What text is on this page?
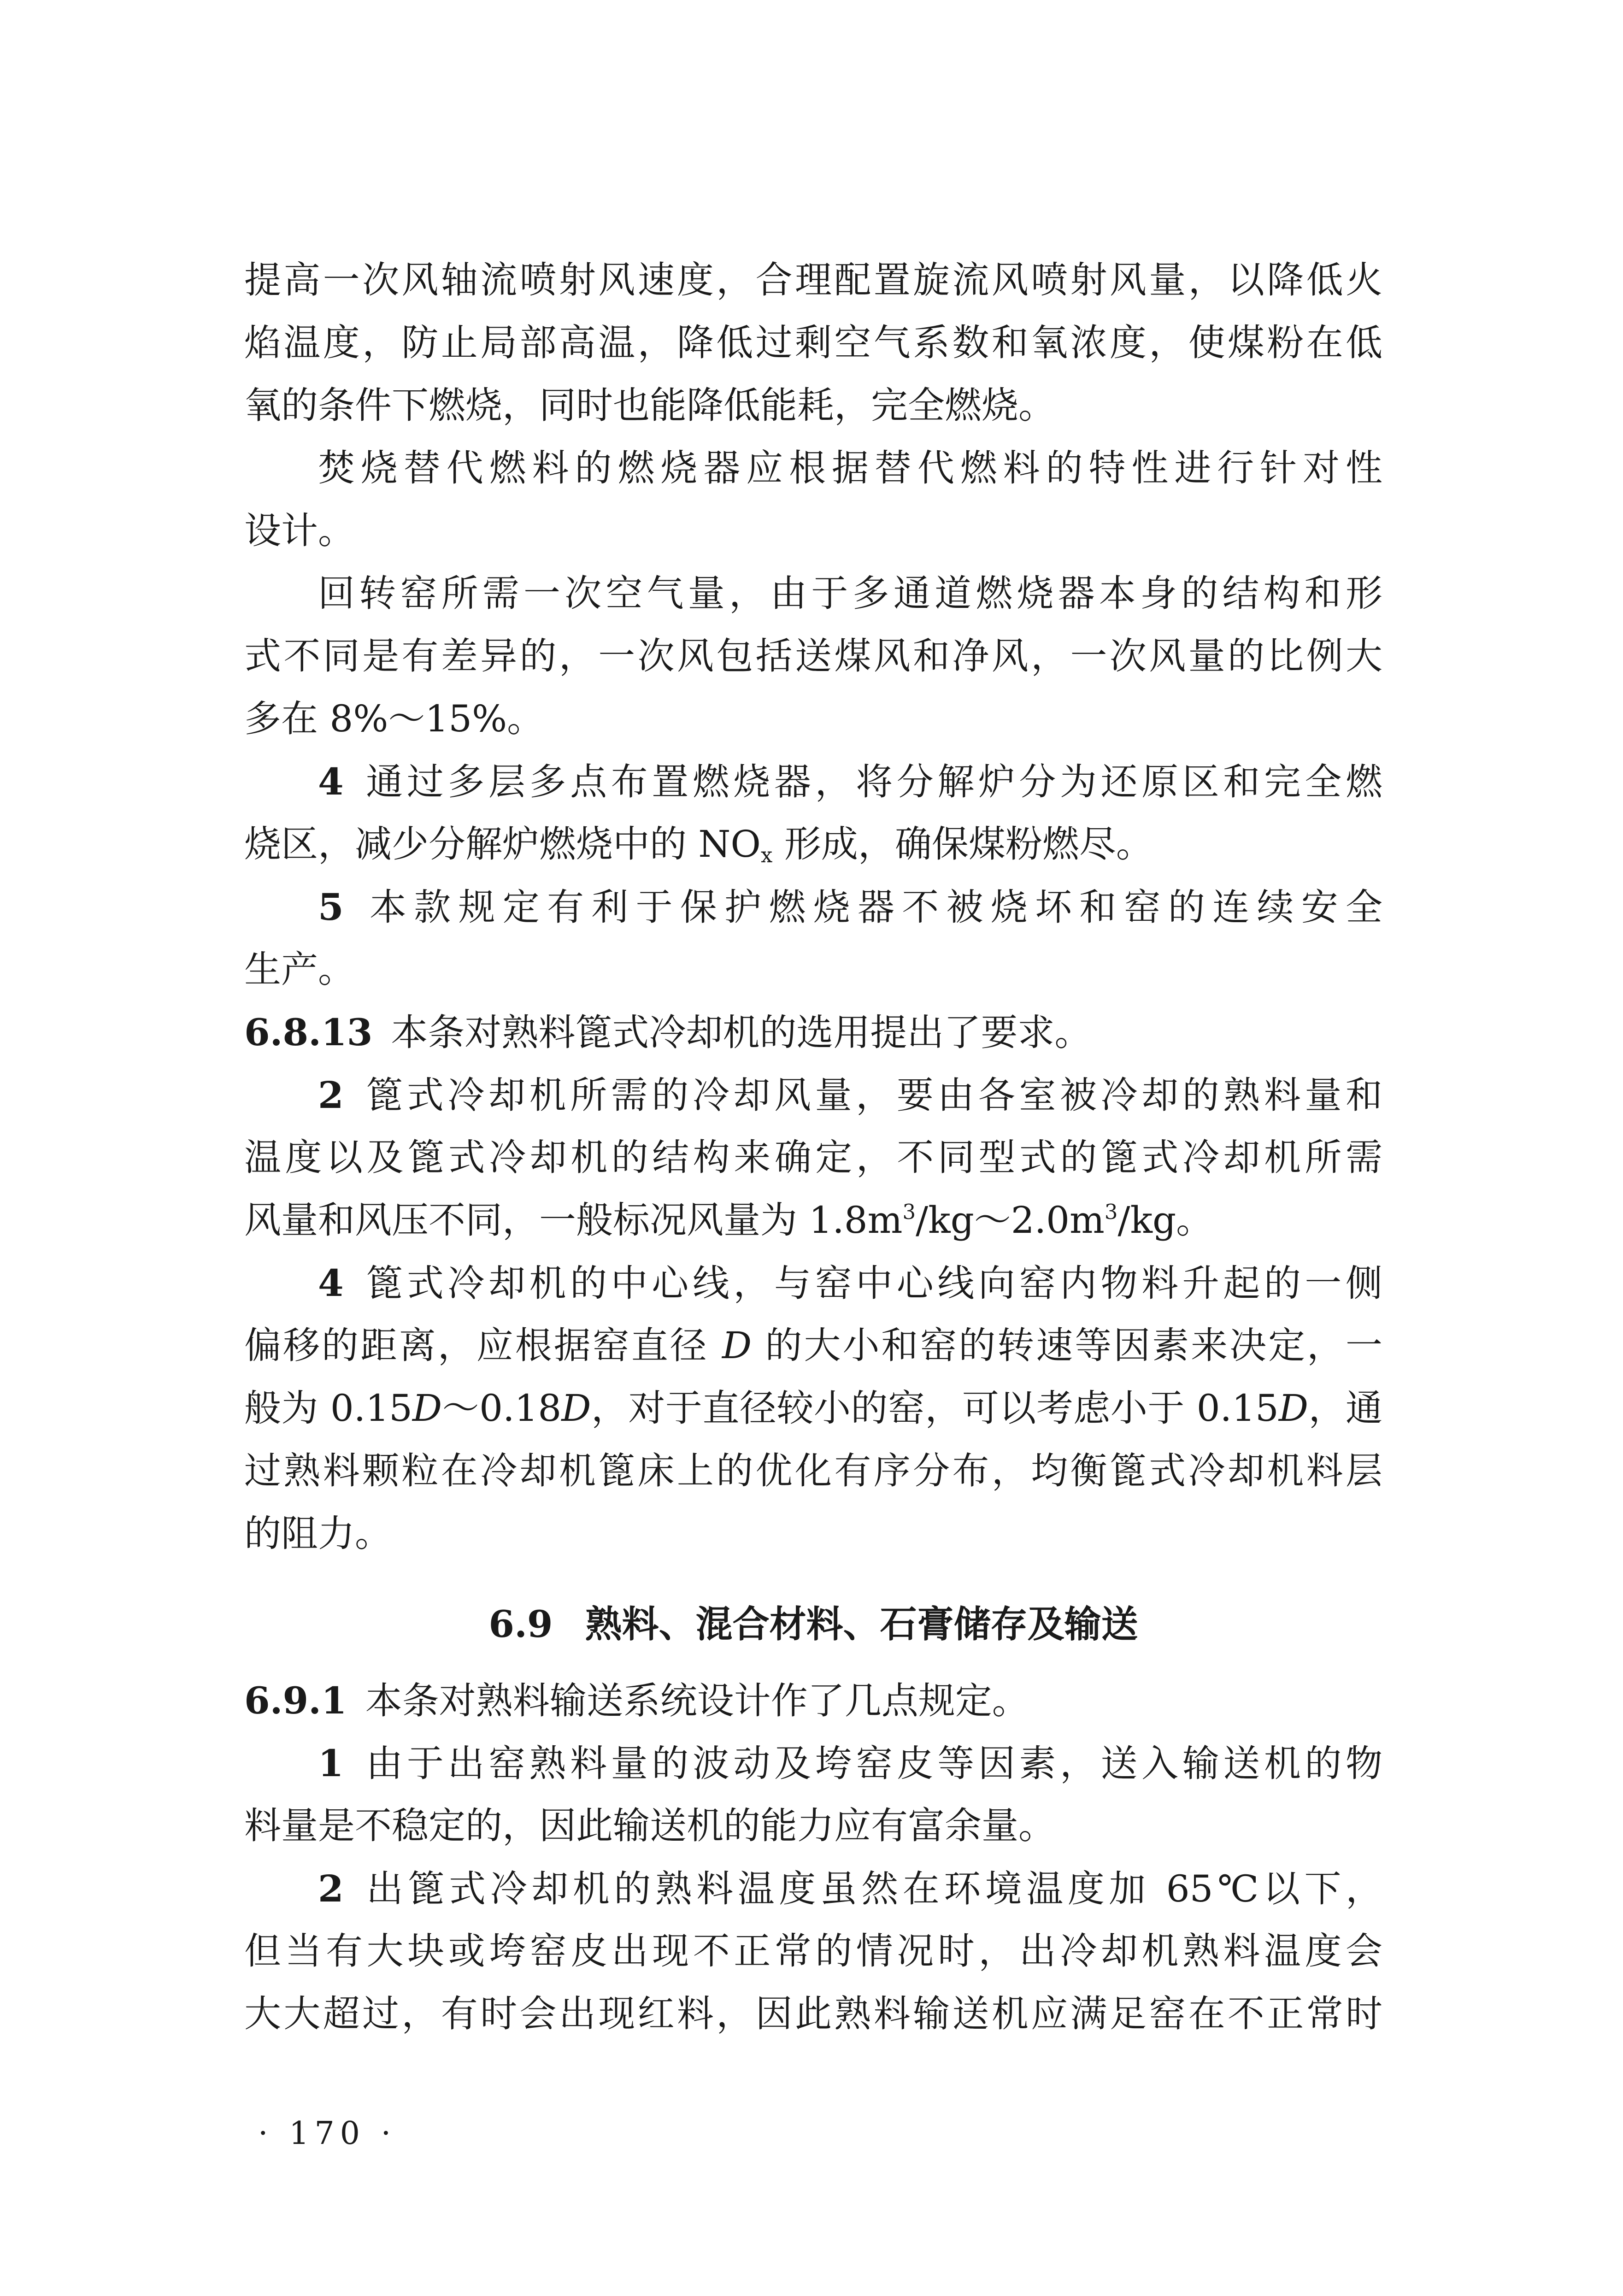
提高一次风轴流喷射风速度，合理配置旋流风喷射风量，以降低火
焰温度，防止局部高温，降低过剩空气系数和氧浓度，使煤粉在低
氧的条件下燃烧，同时也能降低能耗，完全燃烧。
焚烧替代燃料的燃烧器应根据替代燃料的特性进行针对性
设计。
回转窑所需一次空气量，由于多通道燃烧器本身的结构和形
式不同是有差异的，一次风包括送煤风和净风，一次风量的比例大
多在 8%～15%。
4 通过多层多点布置燃烧器，将分解炉分为还原区和完全燃
烧区，减少分解炉燃烧中的 $NO_x$ 形成，确保煤粉燃尽。
5 本款规定有利于保护燃烧器不被烧坏和窑的连续安全
生产。
6.8.13 本条对熟料篦式冷却机的选用提出了要求。
2 篦式冷却机所需的冷却风量，要由各室被冷却的熟料量和
温度以及篦式冷却机的结构来确定，不同型式的篦式冷却机所需
风量和风压不同，一般标况风量为 $1.8m^3/kg\sim 2.0m^3/kg$。
4 篦式冷却机的中心线，与窑中心线向窑内物料升起的一侧
偏移的距离，应根据窑直径 D 的大小和窑的转速等因素来决定，一
般为 0.15D～0.18D，对于直径较小的窑，可以考虑小于 0.15D，通
过熟料颗粒在冷却机篦床上的优化有序分布，均衡篦式冷却机料层
的阻力。
6.9 熟料、混合材料、石膏储存及输送
6.9.1 本条对熟料输送系统设计作了几点规定。
1 由于出窑熟料量的波动及垮窑皮等因素，送入输送机的物
料量是不稳定的，因此输送机的能力应有富余量。
2 出篦式冷却机的熟料温度虽然在环境温度加 65℃以下，
但当有大块或垮窑皮出现不正常的情况时，出冷却机熟料温度会
大大超过，有时会出现红料，因此熟料输送机应满足窑在不正常时
· 170 ·
